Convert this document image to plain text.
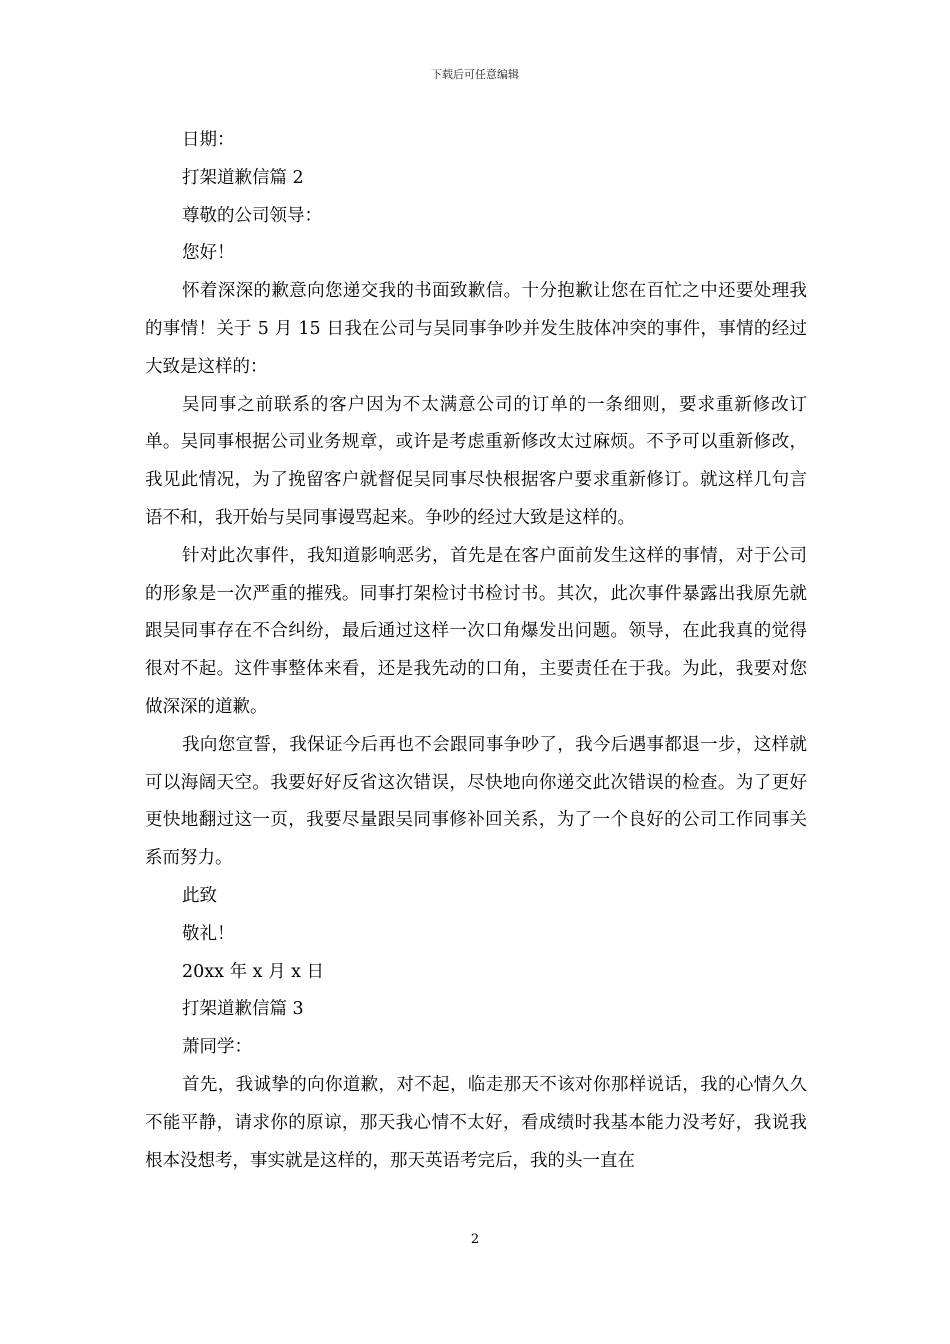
下载后可任意编辑

日期：

打架道歉信篇 2

尊敬的公司领导：

您好！

怀着深深的歉意向您递交我的书面致歉信。十分抱歉让您在百忙之中还要处理我的事情！关于 5 月 15 日我在公司与吴同事争吵并发生肢体冲突的事件，事情的经过大致是这样的：

吴同事之前联系的客户因为不太满意公司的订单的一条细则，要求重新修改订单。吴同事根据公司业务规章，或许是考虑重新修改太过麻烦。不予可以重新修改，我见此情况，为了挽留客户就督促吴同事尽快根据客户要求重新修订。就这样几句言语不和，我开始与吴同事谩骂起来。争吵的经过大致是这样的。

针对此次事件，我知道影响恶劣，首先是在客户面前发生这样的事情，对于公司的形象是一次严重的摧残。同事打架检讨书检讨书。其次，此次事件暴露出我原先就跟吴同事存在不合纠纷，最后通过这样一次口角爆发出问题。领导，在此我真的觉得很对不起。这件事整体来看，还是我先动的口角，主要责任在于我。为此，我要对您做深深的道歉。

我向您宣誓，我保证今后再也不会跟同事争吵了，我今后遇事都退一步，这样就可以海阔天空。我要好好反省这次错误，尽快地向你递交此次错误的检查。为了更好更快地翻过这一页，我要尽量跟吴同事修补回关系，为了一个良好的公司工作同事关系而努力。

此致

敬礼！

20xx 年 x 月 x 日

打架道歉信篇 3

萧同学：

首先，我诚挚的向你道歉，对不起，临走那天不该对你那样说话，我的心情久久不能平静，请求你的原谅，那天我心情不太好，看成绩时我基本能力没考好，我说我根本没想考，事实就是这样的，那天英语考完后，我的头一直在

2
